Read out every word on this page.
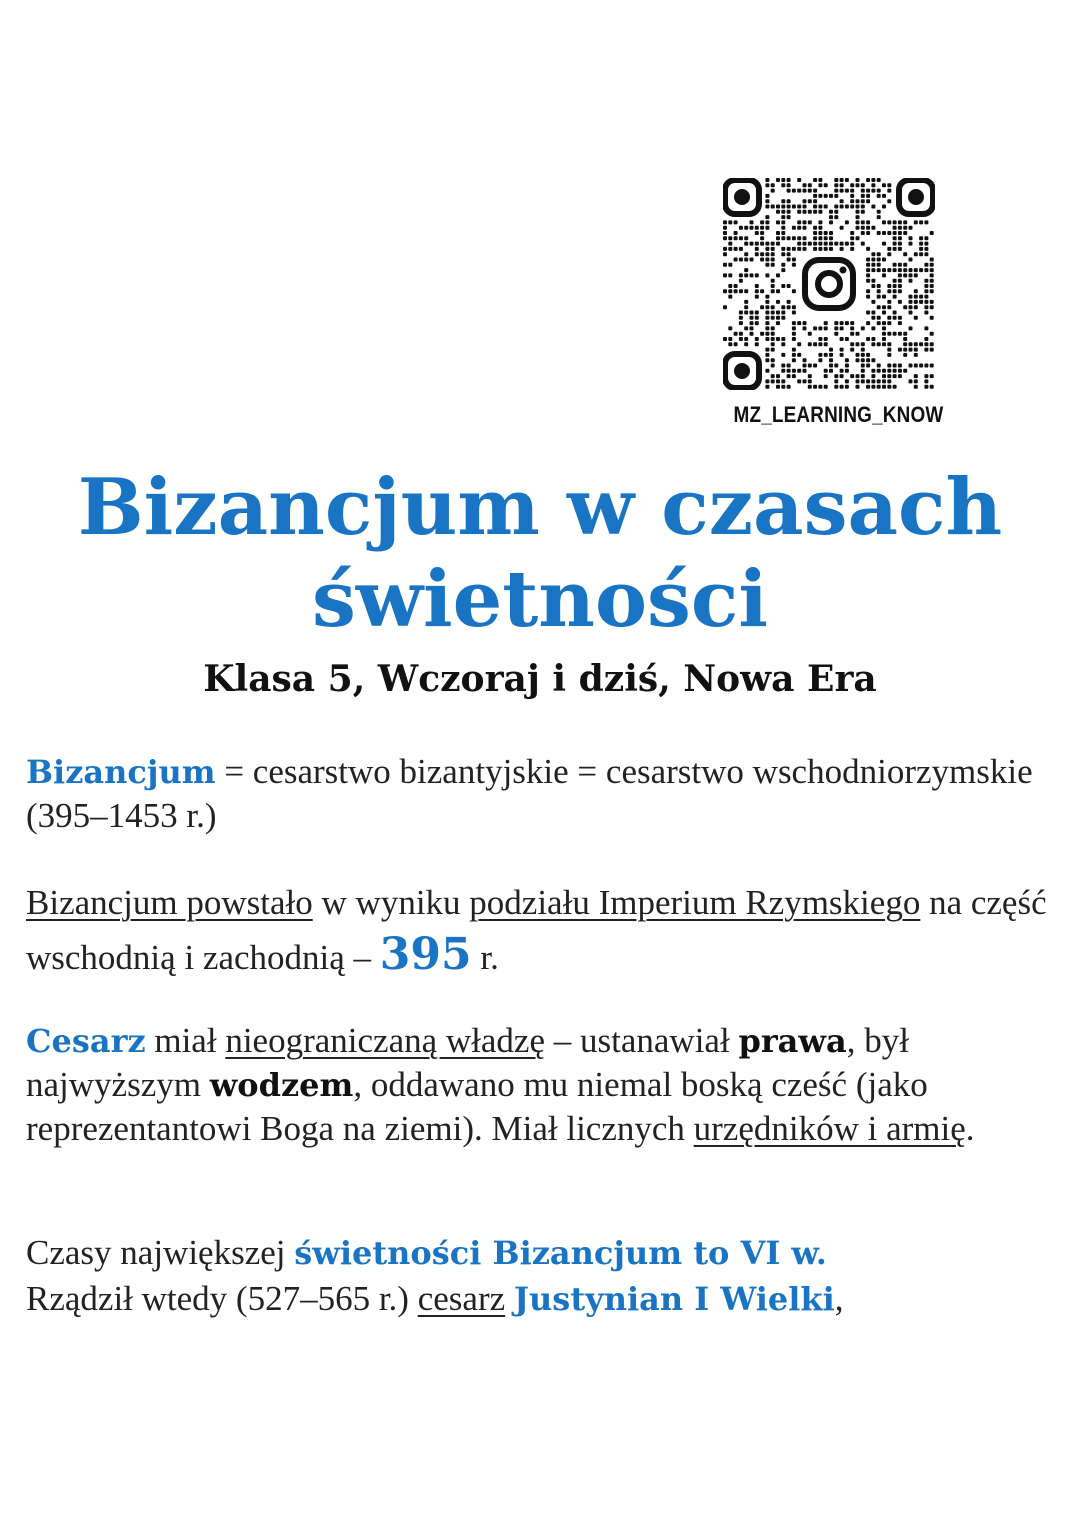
MZ_LEARNING_KNOW
Bizancjum w czasach
świetności

Klasa 5, Wczoraj i dziś, Nowa Era

Bizancjum = cesarstwo bizantyjskie = cesarstwo wschodniorzymskie (395–1453 r.)

Bizancjum powstało w wyniku podziału Imperium Rzymskiego na część wschodnią i zachodnią – 395 r.

Cesarz miał nieograniczaną władzę – ustanawiał prawa, był najwyższym wodzem, oddawano mu niemal boską cześć (jako reprezentantowi Boga na ziemi). Miał licznych urzędników i armię.

Czasy największej świetności Bizancjum to VI w.
Rządził wtedy (527–565 r.) cesarz Justynian I Wielki,
